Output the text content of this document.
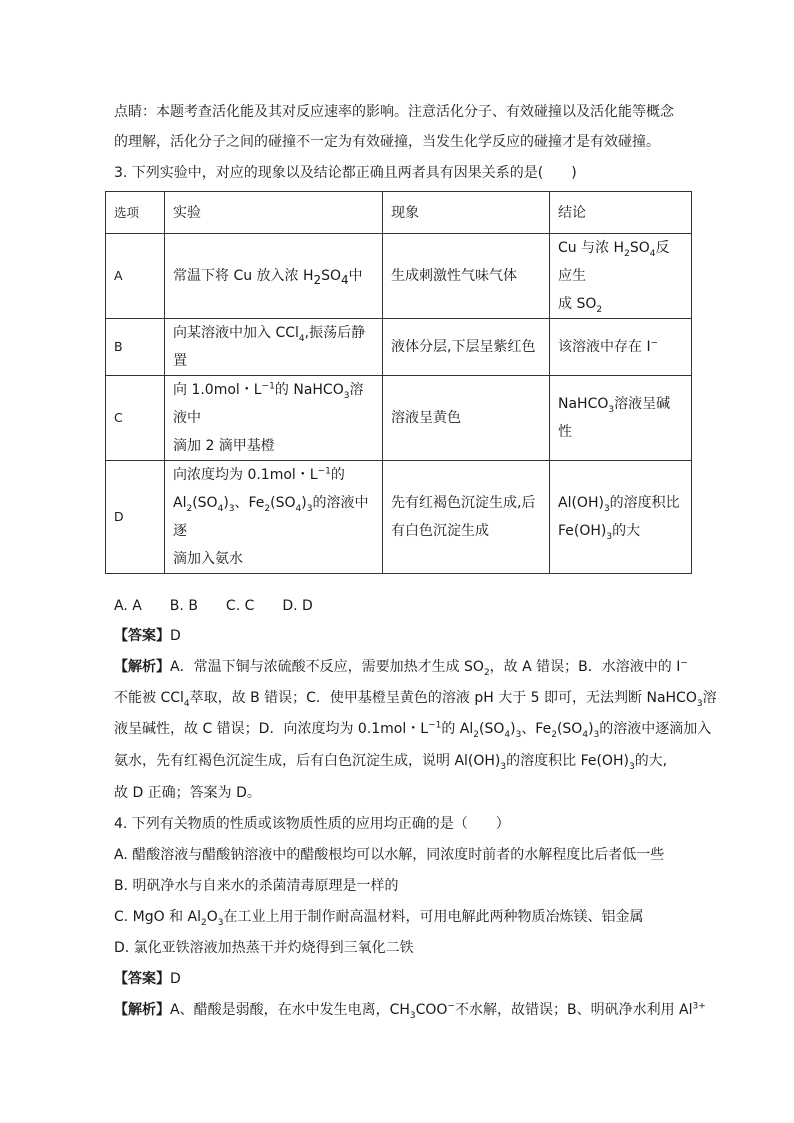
点睛：本题考查活化能及其对反应速率的影响。注意活化分子、有效碰撞以及活化能等概念
的理解，活化分子之间的碰撞不一定为有效碰撞，当发生化学反应的碰撞才是有效碰撞。
3. 下列实验中，对应的现象以及结论都正确且两者具有因果关系的是(　　)
选项	实验	现象	结论
A	常温下将 Cu 放入浓 $H_2SO_4$中	生成刺激性气味气体	Cu 与浓 $H_2SO_4$反应生
成 $SO_2$
B	向某溶液中加入 CCl$_4$,振荡后静置	液体分层,下层呈紫红色	该溶液中存在 I−
C	向 1.0mol・$L^{-1}$的 NaHCO$_3$溶液中
滴加 2 滴甲基橙	溶液呈黄色	NaHCO$_3$溶液呈碱性
D	向浓度均为 0.1mol・$L^{-1}$的
$Al_2(SO_4)_3$、$Fe_2(SO_4)_3$的溶液中逐
滴加入氨水	先有红褐色沉淀生成,后
有白色沉淀生成	$Al(OH)_3$的溶度积比
$Fe(OH)_3$的大
A. A　　B. B　　C. C　　D. D
【答案】D
【解析】A．常温下铜与浓硫酸不反应，需要加热才生成 $SO_2$，故 A 错误；B．水溶液中的 I−
不能被 CCl$_4$萃取，故 B 错误；C．使甲基橙呈黄色的溶液 pH 大于 5 即可，无法判断 NaHCO$_3$溶
液呈碱性，故 C 错误；D．向浓度均为 0.1mol・$L^{-1}$的 $Al_2(SO_4)_3$、$Fe_2(SO_4)_3$的溶液中逐滴加入
氨水，先有红褐色沉淀生成，后有白色沉淀生成，说明 $Al(OH)_3$的溶度积比 $Fe(OH)_3$的大,
故 D 正确；答案为 D。
4. 下列有关物质的性质或该物质性质的应用均正确的是（　　）
A. 醋酸溶液与醋酸钠溶液中的醋酸根均可以水解，同浓度时前者的水解程度比后者低一些
B. 明矾净水与自来水的杀菌清毒原理是一样的
C. MgO 和 $Al_2O_3$在工业上用于制作耐高温材料，可用电解此两种物质冶炼镁、铝金属
D. 氯化亚铁溶液加热蒸干并灼烧得到三氧化二铁
【答案】D
【解析】A、醋酸是弱酸，在水中发生电离，$CH_3COO^-$不水解，故错误；B、明矾净水利用 $Al^{3+}$
